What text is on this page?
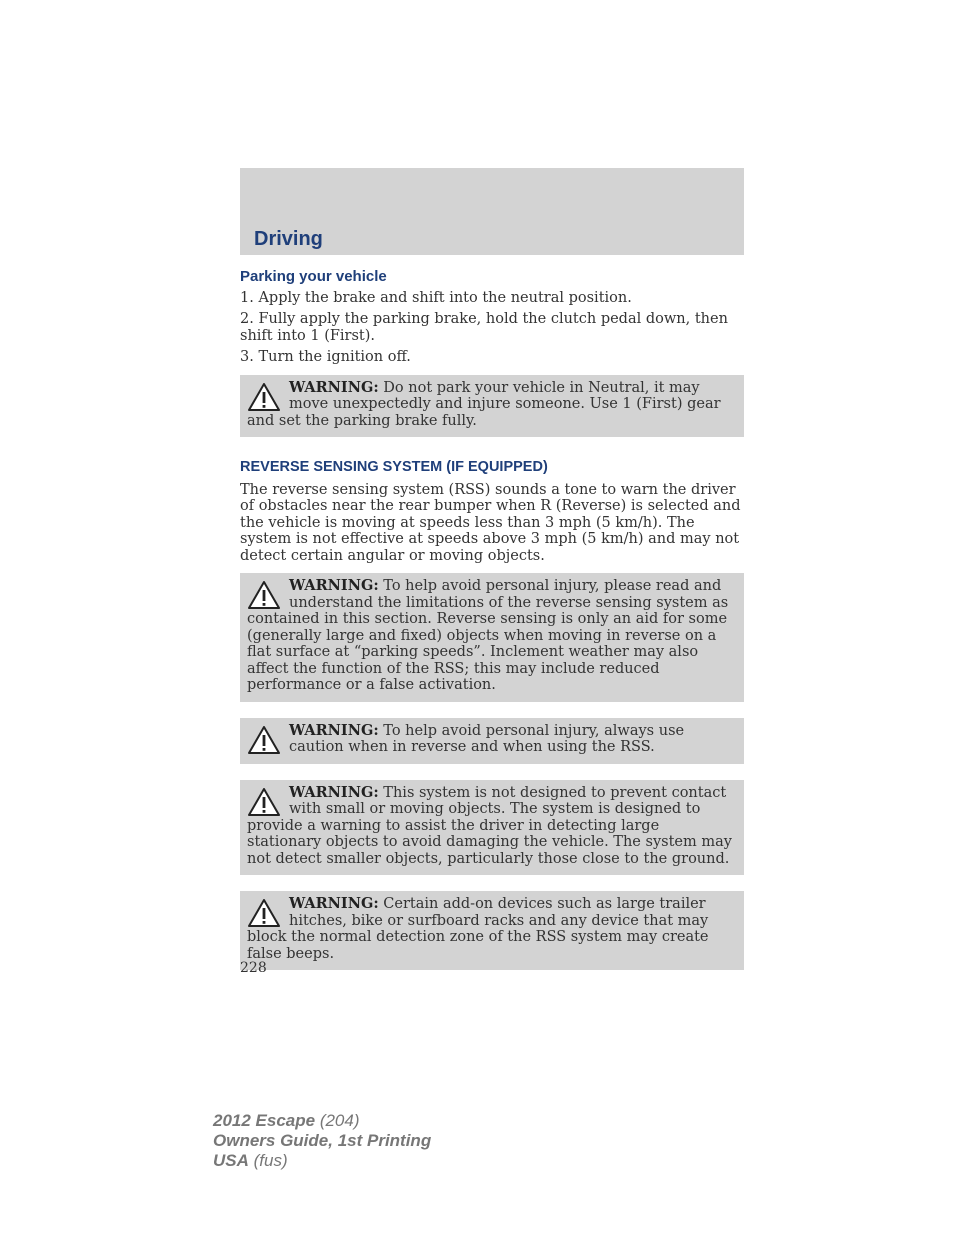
Driving
Parking your vehicle

1. Apply the brake and shift into the neutral position.

2. Fully apply the parking brake, hold the clutch pedal down, then shift into 1 (First).

3. Turn the ignition off.

WARNING: Do not park your vehicle in Neutral, it may move unexpectedly and injure someone. Use 1 (First) gear and set the parking brake fully.
REVERSE SENSING SYSTEM (IF EQUIPPED)

The reverse sensing system (RSS) sounds a tone to warn the driver of obstacles near the rear bumper when R (Reverse) is selected and the vehicle is moving at speeds less than 3 mph (5 km/h). The system is not effective at speeds above 3 mph (5 km/h) and may not detect certain angular or moving objects.

WARNING: To help avoid personal injury, please read and understand the limitations of the reverse sensing system as contained in this section. Reverse sensing is only an aid for some (generally large and fixed) objects when moving in reverse on a flat surface at “parking speeds”. Inclement weather may also affect the function of the RSS; this may include reduced performance or a false activation.
WARNING: To help avoid personal injury, always use caution when in reverse and when using the RSS.
WARNING: This system is not designed to prevent contact with small or moving objects. The system is designed to provide a warning to assist the driver in detecting large stationary objects to avoid damaging the vehicle. The system may not detect smaller objects, particularly those close to the ground.
WARNING: Certain add-on devices such as large trailer hitches, bike or surfboard racks and any device that may block the normal detection zone of the RSS system may create false beeps.
228
2012 Escape (204)
Owners Guide, 1st Printing
USA (fus)
